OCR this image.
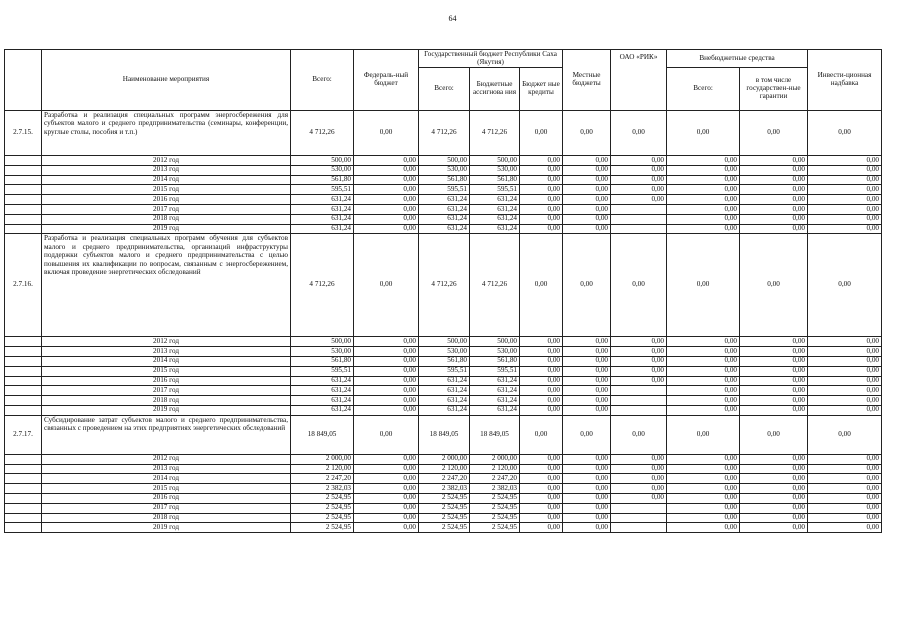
64
	Наименование мероприятия	Всего:	Федераль-ный бюджет	Государственный бюджет Республики Саха (Якутия)			Местные бюджеты	ОАО «РИК»	Внебюджетные средства		Инвести-ционная надбавка
				Всего:	Бюджетные ассигнова ния	Бюджет ные кредиты			Всего:	в том числе государствен-ные гарантии	
2.7.15.	Разработка и реализация специальных программ энергосбережения для субъектов малого и среднего предпринимательства (семинары, конференции, круглые столы, пособия и т.п.)	4 712,26	0,00	4 712,26	4 712,26	0,00	0,00	0,00	0,00	0,00	0,00
	2012 год	500,00	0,00	500,00	500,00	0,00	0,00	0,00	0,00	0,00	0,00
	2013 год	530,00	0,00	530,00	530,00	0,00	0,00	0,00	0,00	0,00	0,00
	2014 год	561,80	0,00	561,80	561,80	0,00	0,00	0,00	0,00	0,00	0,00
	2015 год	595,51	0,00	595,51	595,51	0,00	0,00	0,00	0,00	0,00	0,00
	2016 год	631,24	0,00	631,24	631,24	0,00	0,00	0,00	0,00	0,00	0,00
	2017 год	631,24	0,00	631,24	631,24	0,00	0,00		0,00	0,00	0,00
	2018 год	631,24	0,00	631,24	631,24	0,00	0,00		0,00	0,00	0,00
	2019 год	631,24	0,00	631,24	631,24	0,00	0,00		0,00	0,00	0,00
2.7.16.	Разработка и реализация специальных программ обучения для субъектов малого и среднего предпринимательства, организаций инфраструктуры поддержки субъектов малого и среднего предпринимательства с целью повышения их квалификации по вопросам, связанным с энергосбережением, включая проведение энергетических обследований	4 712,26	0,00	4 712,26	4 712,26	0,00	0,00	0,00	0,00	0,00	0,00
	2012 год	500,00	0,00	500,00	500,00	0,00	0,00	0,00	0,00	0,00	0,00
	2013 год	530,00	0,00	530,00	530,00	0,00	0,00	0,00	0,00	0,00	0,00
	2014 год	561,80	0,00	561,80	561,80	0,00	0,00	0,00	0,00	0,00	0,00
	2015 год	595,51	0,00	595,51	595,51	0,00	0,00	0,00	0,00	0,00	0,00
	2016 год	631,24	0,00	631,24	631,24	0,00	0,00	0,00	0,00	0,00	0,00
	2017 год	631,24	0,00	631,24	631,24	0,00	0,00		0,00	0,00	0,00
	2018 год	631,24	0,00	631,24	631,24	0,00	0,00		0,00	0,00	0,00
	2019 год	631,24	0,00	631,24	631,24	0,00	0,00		0,00	0,00	0,00
2.7.17.	Субсидирование затрат субъектов малого и среднего предпринимательства, связанных с проведением на этих предприятиях энергетических обследований	18 849,05	0,00	18 849,05	18 849,05	0,00	0,00	0,00	0,00	0,00	0,00
	2012 год	2 000,00	0,00	2 000,00	2 000,00	0,00	0,00	0,00	0,00	0,00	0,00
	2013 год	2 120,00	0,00	2 120,00	2 120,00	0,00	0,00	0,00	0,00	0,00	0,00
	2014 год	2 247,20	0,00	2 247,20	2 247,20	0,00	0,00	0,00	0,00	0,00	0,00
	2015 год	2 382,03	0,00	2 382,03	2 382,03	0,00	0,00	0,00	0,00	0,00	0,00
	2016 год	2 524,95	0,00	2 524,95	2 524,95	0,00	0,00	0,00	0,00	0,00	0,00
	2017 год	2 524,95	0,00	2 524,95	2 524,95	0,00	0,00		0,00	0,00	0,00
	2018 год	2 524,95	0,00	2 524,95	2 524,95	0,00	0,00		0,00	0,00	0,00
	2019 год	2 524,95	0,00	2 524,95	2 524,95	0,00	0,00		0,00	0,00	0,00
